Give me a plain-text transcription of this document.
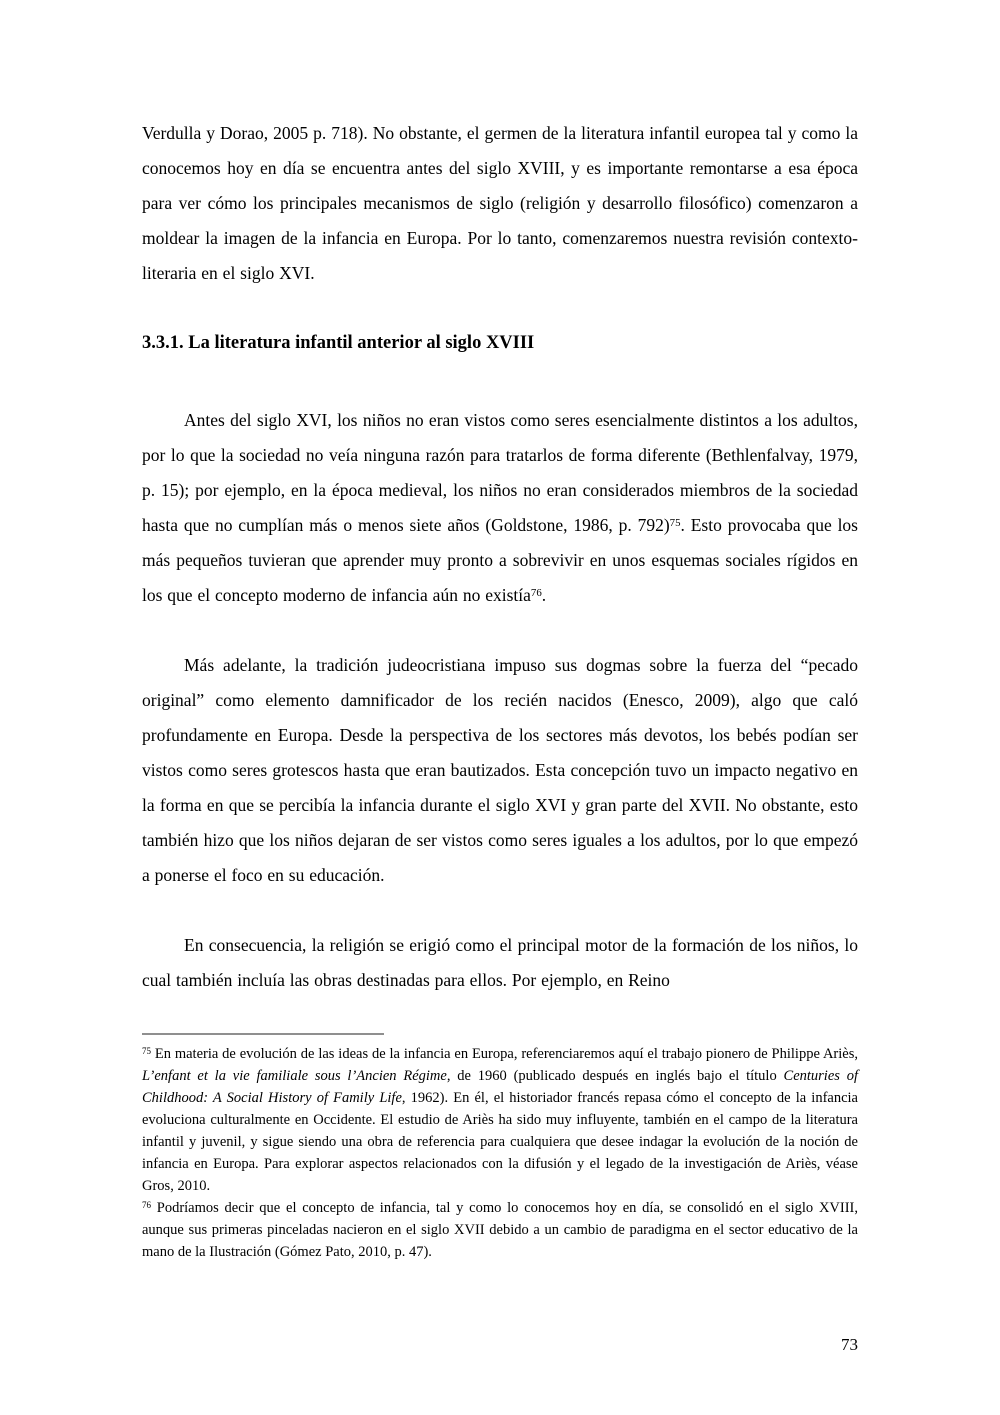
Verdulla y Dorao, 2005 p. 718). No obstante, el germen de la literatura infantil europea tal y como la conocemos hoy en día se encuentra antes del siglo XVIII, y es importante remontarse a esa época para ver cómo los principales mecanismos de siglo (religión y desarrollo filosófico) comenzaron a moldear la imagen de la infancia en Europa. Por lo tanto, comenzaremos nuestra revisión contexto-literaria en el siglo XVI.

3.3.1. La literatura infantil anterior al siglo XVIII

Antes del siglo XVI, los niños no eran vistos como seres esencialmente distintos a los adultos, por lo que la sociedad no veía ninguna razón para tratarlos de forma diferente (Bethlenfalvay, 1979, p. 15); por ejemplo, en la época medieval, los niños no eran considerados miembros de la sociedad hasta que no cumplían más o menos siete años (Goldstone, 1986, p. 792)$^{75}$. Esto provocaba que los más pequeños tuvieran que aprender muy pronto a sobrevivir en unos esquemas sociales rígidos en los que el concepto moderno de infancia aún no existía$^{76}$.

Más adelante, la tradición judeocristiana impuso sus dogmas sobre la fuerza del “pecado original” como elemento damnificador de los recién nacidos (Enesco, 2009), algo que caló profundamente en Europa. Desde la perspectiva de los sectores más devotos, los bebés podían ser vistos como seres grotescos hasta que eran bautizados. Esta concepción tuvo un impacto negativo en la forma en que se percibía la infancia durante el siglo XVI y gran parte del XVII. No obstante, esto también hizo que los niños dejaran de ser vistos como seres iguales a los adultos, por lo que empezó a ponerse el foco en su educación.

En consecuencia, la religión se erigió como el principal motor de la formación de los niños, lo cual también incluía las obras destinadas para ellos. Por ejemplo, en Reino

$^{75}$ En materia de evolución de las ideas de la infancia en Europa, referenciaremos aquí el trabajo pionero de Philippe Ariès, L’enfant et la vie familiale sous l’Ancien Régime, de 1960 (publicado después en inglés bajo el título Centuries of Childhood: A Social History of Family Life, 1962). En él, el historiador francés repasa cómo el concepto de la infancia evoluciona culturalmente en Occidente. El estudio de Ariès ha sido muy influyente, también en el campo de la literatura infantil y juvenil, y sigue siendo una obra de referencia para cualquiera que desee indagar la evolución de la noción de infancia en Europa. Para explorar aspectos relacionados con la difusión y el legado de la investigación de Ariès, véase Gros, 2010.

$^{76}$ Podríamos decir que el concepto de infancia, tal y como lo conocemos hoy en día, se consolidó en el siglo XVIII, aunque sus primeras pinceladas nacieron en el siglo XVII debido a un cambio de paradigma en el sector educativo de la mano de la Ilustración (Gómez Pato, 2010, p. 47).

73
